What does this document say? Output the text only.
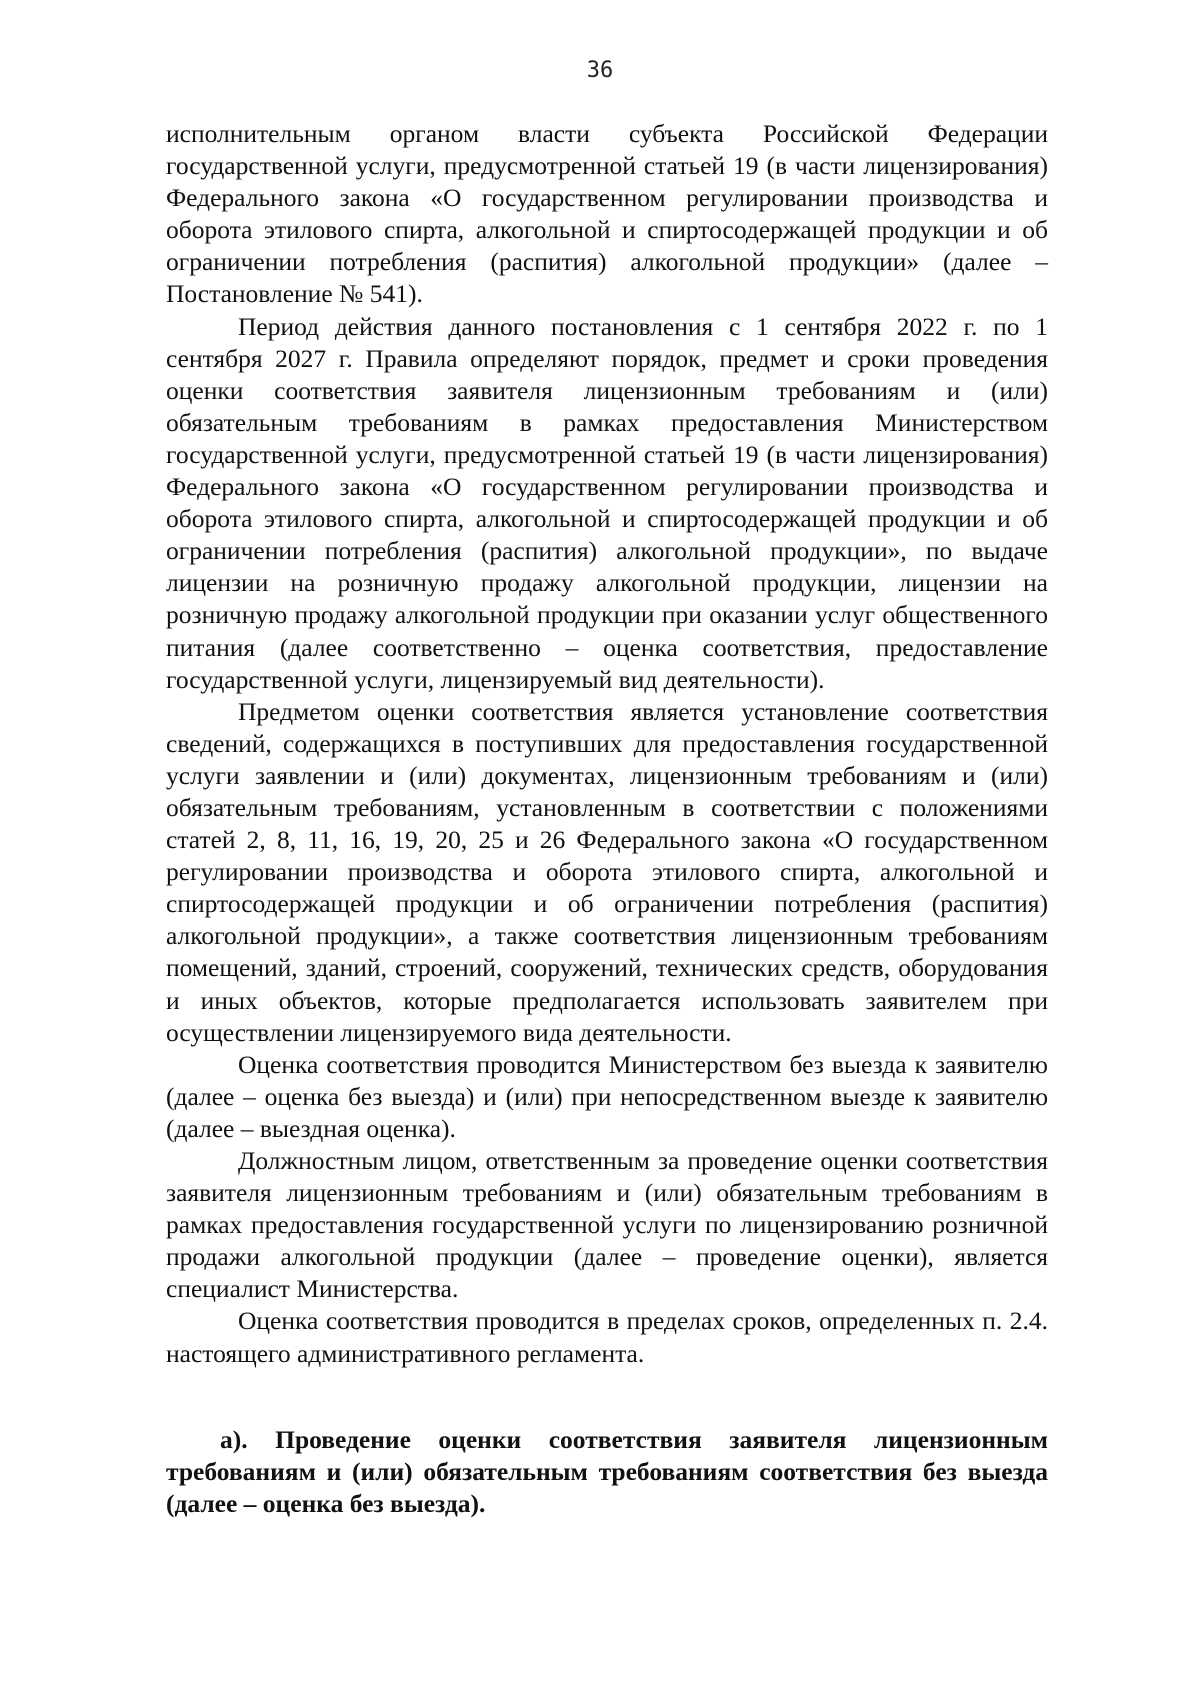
36

исполнительным органом власти субъекта Российской Федерации государственной услуги, предусмотренной статьей 19 (в части лицензирования) Федерального закона «О государственном регулировании производства и оборота этилового спирта, алкогольной и спиртосодержащей продукции и об ограничении потребления (распития) алкогольной продукции» (далее – Постановление № 541).

Период действия данного постановления с 1 сентября 2022 г. по 1 сентября 2027 г. Правила определяют порядок, предмет и сроки проведения оценки соответствия заявителя лицензионным требованиям и (или) обязательным требованиям в рамках предоставления Министерством государственной услуги, предусмотренной статьей 19 (в части лицензирования) Федерального закона «О государственном регулировании производства и оборота этилового спирта, алкогольной и спиртосодержащей продукции и об ограничении потребления (распития) алкогольной продукции», по выдаче лицензии на розничную продажу алкогольной продукции, лицензии на розничную продажу алкогольной продукции при оказании услуг общественного питания (далее соответственно – оценка соответствия, предоставление государственной услуги, лицензируемый вид деятельности).

Предметом оценки соответствия является установление соответствия сведений, содержащихся в поступивших для предоставления государственной услуги заявлении и (или) документах, лицензионным требованиям и (или) обязательным требованиям, установленным в соответствии с положениями статей 2, 8, 11, 16, 19, 20, 25 и 26 Федерального закона «О государственном регулировании производства и оборота этилового спирта, алкогольной и спиртосодержащей продукции и об ограничении потребления (распития) алкогольной продукции», а также соответствия лицензионным требованиям помещений, зданий, строений, сооружений, технических средств, оборудования и иных объектов, которые предполагается использовать заявителем при осуществлении лицензируемого вида деятельности.

Оценка соответствия проводится Министерством без выезда к заявителю (далее – оценка без выезда) и (или) при непосредственном выезде к заявителю (далее – выездная оценка).

Должностным лицом, ответственным за проведение оценки соответствия заявителя лицензионным требованиям и (или) обязательным требованиям в рамках предоставления государственной услуги по лицензированию розничной продажи алкогольной продукции (далее – проведение оценки), является специалист Министерства.

Оценка соответствия проводится в пределах сроков, определенных п. 2.4. настоящего административного регламента.

а). Проведение оценки соответствия заявителя лицензионным требованиям и (или) обязательным требованиям соответствия без выезда (далее – оценка без выезда).
